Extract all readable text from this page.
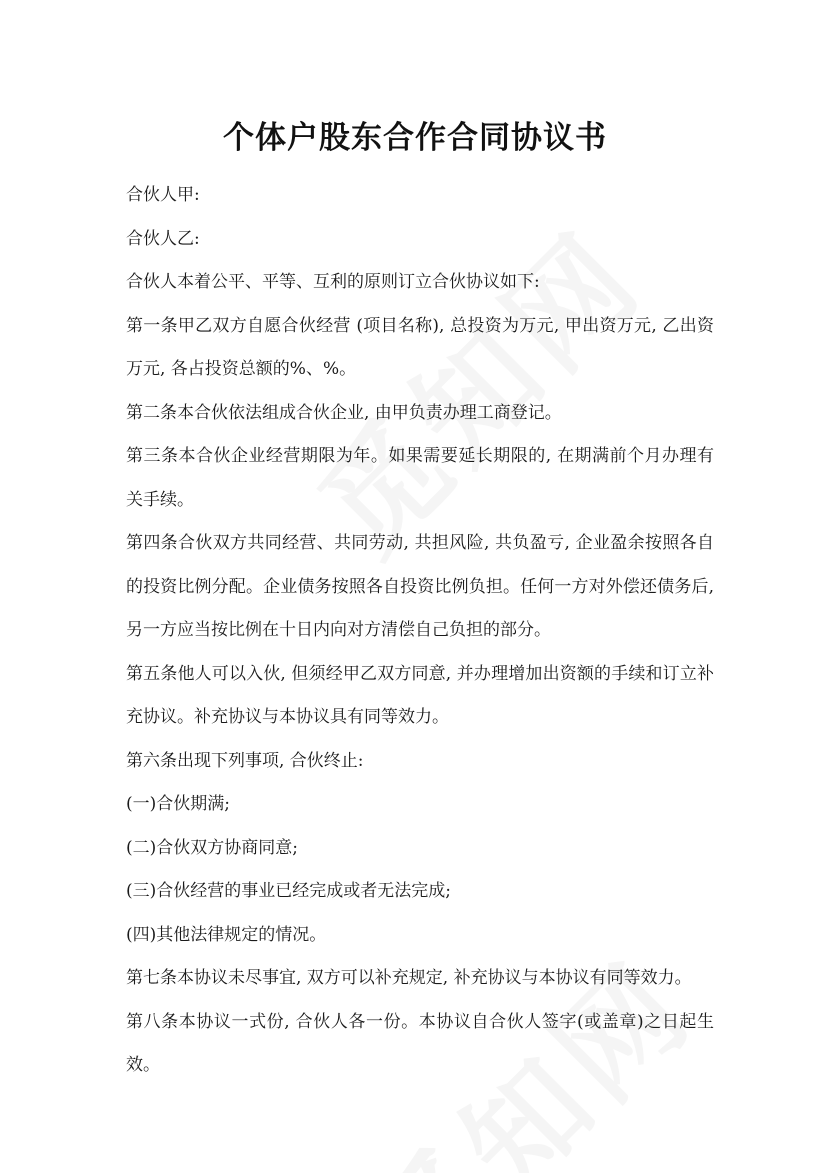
个体户股东合作合同协议书

合伙人甲:

合伙人乙:

合伙人本着公平、平等、互利的原则订立合伙协议如下:

第一条甲乙双方自愿合伙经营 (项目名称), 总投资为万元, 甲出资万元, 乙出资万元, 各占投资总额的%、%。

第二条本合伙依法组成合伙企业, 由甲负责办理工商登记。

第三条本合伙企业经营期限为年。如果需要延长期限的, 在期满前个月办理有关手续。

第四条合伙双方共同经营、共同劳动, 共担风险, 共负盈亏, 企业盈余按照各自的投资比例分配。企业债务按照各自投资比例负担。任何一方对外偿还债务后, 另一方应当按比例在十日内向对方清偿自己负担的部分。

第五条他人可以入伙, 但须经甲乙双方同意, 并办理增加出资额的手续和订立补充协议。补充协议与本协议具有同等效力。

第六条出现下列事项, 合伙终止:

(一)合伙期满;

(二)合伙双方协商同意;

(三)合伙经营的事业已经完成或者无法完成;

(四)其他法律规定的情况。

第七条本协议未尽事宜, 双方可以补充规定, 补充协议与本协议有同等效力。

第八条本协议一式份, 合伙人各一份。本协议自合伙人签字(或盖章)之日起生效。
